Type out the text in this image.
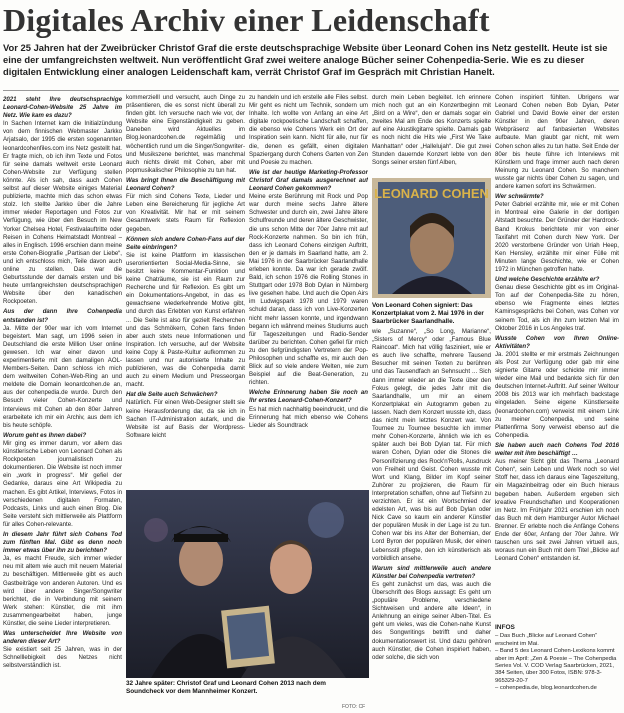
Digitales Archiv einer Leidenschaft
Vor 25 Jahren hat der Zweibrücker Christof Graf die erste deutschsprachige Website über Leonard Cohen ins Netz gestellt. Heute ist sie eine der umfangreichsten weltweit. Nun veröffentlicht Graf zwei weitere analoge Bücher seiner Cohenpedia-Serie. Wie es zu dieser digitalen Entwicklung einer analogen Leidenschaft kam, verrät Christof Graf im Gespräch mit Christian Hanelt.

2021 steht Ihre deutschsprachige Leonard-Cohen-Website 25 Jahre im Netz. Wie kam es dazu?

In Sachen Internet kam die Initialzündung von dem finnischen Webmaster Jarkko Arjatsalo, der 1995 die ersten sogenannten leonardcohenfiles.com ins Netz gestellt hat. Er fragte mich, ob ich ihm Texte und Fotos für seine damals weltweit erste Leonard Cohen-Website zur Verfügung stellen könnte. Als ich sah, dass auch Cohen selbst auf dieser Website einiges Material publizierte, machte mich das schon etwas stolz. Ich stellte Jarkko über die Jahre immer wieder Reportagen und Fotos zur Verfügung, wie über den Besuch im New Yorker Chelsea Hotel, Festivalauftritte oder Reisen in Cohens Heimatstadt Montreal – alles in Englisch. 1996 erschien dann meine erste Cohen-Biografie „Partisan der Liebe“, und ich entschloss mich, Teile davon auch online zu stellen. Das war die Geburtsstunde der damals ersten und bis heute umfangreichsten deutschsprachigen Website über den kanadischen Rockpoeten.

Aus der dann Ihre Cohenpedia entstanden ist?

Ja. Mitte der 90er war ich vom Internet begeistert. Man sagt, um 1996 seien in Deutschland die erste Million User online gewesen. Ich war einer davon und experimentierte mit den damaligen AOL-Members-Seiten. Dann schloss ich mich dem weltweiten Cohen-Web-Ring an und meldete die Domain leonardcohen.de an, aus der cohenpedia.de wurde. Durch den Besuch vieler Cohen-Konzerte und Interviews mit Cohen ab den 80er Jahren erarbeitete ich mir ein Archiv, aus dem ich bis heute schöpfe.

Worum geht es Ihnen dabei?

Mir ging es immer darum, vor allem das künstlerische Leben von Leonard Cohen als Rockpoeten journalistisch zu dokumentieren. Die Website ist noch immer ein „work in progress“. Mir gefiel der Gedanke, daraus eine Art Wikipedia zu machen. Es gibt Artikel, Interviews, Fotos in verschiedenen digitalen Formaten, Podcasts, Links und auch einen Blog. Die Seite versteht sich mittlerweile als Plattform für alles Cohen-relevante.

In diesem Jahr führt sich Cohens Tod zum fünften Mal. Gibt es denn noch immer etwas über ihn zu berichten?

Ja, es macht Freude, sich immer wieder neu mit altem wie auch mit neuem Material zu beschäftigen. Mittlerweile gibt es auch Gastbeiträge von anderen Autoren. Und es wird über andere Singer/Songwriter berichtet, die in Verbindung mit seinem Werk stehen: Künstler, die mit ihm zusammengearbeitet haben, junge Künstler, die seine Lieder interpretieren.

Was unterscheidet Ihre Website von anderen dieser Art?

Sie existiert seit 25 Jahren, was in der Schnelllebigkeit des Netzes nicht selbstverständlich ist.

kommerzielll und versucht, auch Dinge zu präsentieren, die es sonst nicht überall zu finden gibt. Ich versuche nach wie vor, der Website eine Eigenständigkeit zu geben. Daneben wird Aktuelles im Blog.leonardcohen.de regelmäßig und wöchentlich rund um die Singer/Songwriter- und Musikszene berichtet, was manchmal auch nichts direkt mit Cohen, aber mit popmusikalischer Philosophie zu tun hat.

Was bringt Ihnen die Beschäftigung mit Leonard Cohen?

Für mich sind Cohens Texte, Lieder und Leben eine Bereicherung für jegliche Art von Kreativität. Mir hat er mit seinem Gesamtwerk stets Raum für Reflexion gegeben.

Können sich andere Cohen-Fans auf der Seite einbringen?

Sie ist keine Plattform im klassischen userorientierten Social-Media-Sinne, sie besitzt keine Kommentar-Funktion und keine Chaträume, sie ist ein Raum zur Recherche und für Reflexion. Es gibt um ein Dokumentations-Angebot, in das es gewachsene wiederkehrende Motive gibt, und durch das Erlebten von Kunst erfahren ... Die Seite ist also für gezielt Recherchen und das Schmökern, Cohen fans finden aber auch stets neue Informationen und Inspiration. Ich versuche, auf der Website keine Copy & Paste-Kultur aufkommen zu lassen und nur autorisierte Inhalte zu publizieren, was die Cohenpedia damit auch zu einem Medium und Presseorgan macht.

Hat die Seite auch Schwächen?

Natürlich. Für einen Web-Designer stellt sie keine Herausforderung dar, da sie ich in Sachen IT-Administration autark, und die Website ist auf Basis der Wordpress-Software leicht

zu handeln und ich erstelle alle Files selbst. Mir geht es nicht um Technik, sondern um Inhalte. Ich wollte von Anfang an eine Art digitale rockpoetische Landschaft schaffen, die ebenso wie Cohens Werk ein Ort der Inspiration sein kann. Nicht für alle, nur für die, denen es gefällt, einen digitalen Spaziergang durch Cohens Garten von Zen und Poesie zu machen.

Wie ist der heutige Marketing-Professor Christof Graf damals ausgerechnet auf Leonard Cohen gekommen?

Meine erste Berührung mit Rock und Pop war durch meine sechs Jahre ältere Schwester und durch ein, zwei Jahre ältere Schulfreunde und deren ältere Geschwister, die uns schon Mitte der 70er Jahre mit auf Rock-Konzerte nahmen. So bin ich früh, dass ich Leonard Cohens einzigen Auftritt, den er je damals im Saarland hatte, am 2. Mai 1976 in der Saarbrücker Saarlandhalle erleben konnte. Da war ich gerade zwölf. Bald, ich schon 1976 die Rolling Stones in Stuttgart oder 1978 Bob Dylan in Nürnberg live gesehen habe. Und auch die Open Airs im Ludwigspark 1978 und 1979 waren schuld daran, dass ich von Live-Konzerten nicht mehr lassen konnte, und irgendwann begann ich während meines Studiums auch für Tageszeitungen und Radio-Sender darüber zu berichten. Cohen gefiel für mich zu den tiefgründigsten Vertretern der Pop-Philosophen und schaffte es, mir auch den Blick auf so viele andere Welten, wie zum Beispiel auf die Beat-Generation, zu richten.

Welche Erinnerung haben Sie noch an Ihr erstes Leonard-Cohen-Konzert?

Es hat mich nachhaltig beeindruckt, und die Erinnerung hat mich ebenso wie Cohens Lieder als Soundtrack

durch mein Leben begleitet. Ich erinnere mich noch gut an ein Konzertbeginn mit „Bird on a Wire“, den er damals sogar ein zweites Mal am Ende des Konzerts spielte auf eine Akustikgitarre spielte. Damals gab es noch nicht die Hits wie „First We Take Manhattan“ oder „Hallelujah“. Die gut zwei Stunden dauernde Konzert lebte von den Songs seiner ersten fünf Alben,

LEONARD COHEN
Von Leonard Cohen signiert: Das Konzertplakat vom 2. Mai 1976 in der Saarbrücker Saarlandhalle.

wie „Suzanne“, „So Long, Marianne“, „Sisters of Mercy“ oder „Famous Blue Raincoat“. Mich hat völlig fasziniert, wie er es auch live schaffte, mehrere Tausend Besucher mit seinen Texten zu berühren und das Tausendfach an Sehnsucht ... Sich dann immer wieder an die Texte über den Fokus gelegt, die jedes Jahr mit die Saarlandhalle, um mir an einem Konzertplakat ein Autogramm geben zu lassen. Nach dem Konzert wusste ich, dass das nicht mein letztes Konzert war. Von Tournee zu Tournee besuchte ich immer mehr Cohen-Konzerte, ähnlich wie ich es später auch bei Bob Dylan tat. Für mich waren Cohen, Dylan oder die Stones die Personifizierung des Rock'n'Rolls, Ausdruck von Freiheit und Geist. Cohen wusste mit Wort und Klang, Bilder im Kopf seiner Zuhörer zu projizieren, die Raum für Interpretation schaffen, ohne auf Tiefsinn zu verzichten. Er ist ein Wortschmied der edelsten Art, was bis auf Bob Dylan oder Nick Cave so kaum ein anderer Künstler der populären Musik in der Lage ist zu tun. Cohen war bis ins Alter der Bohemian, der Lord Byron der populären Musik, der einen Lebensstil pflegte, den ich künstlerisch als vorbildlich ansehe.

Warum sind mittlerweile auch andere Künstler bei Cohenpedia vertreten?

Es geht zunächst um das, was auch die Überschrift des Blogs aussagt: Es geht um „populäre Probleme, verschiedene Sichtweisen und andere alte Ideen“, in Anlehnung an einige seiner Alben-Titel. Es geht um vieles, was die Cohen-nahe Kunst des Songwritings betrifft und daher dokumentationswert ist. Und dazu gehören auch Künstler, die Cohen inspiriert haben, oder solche, die sich von

Cohen inspiriert fühlten. Übrigens war Leonard Cohen neben Bob Dylan, Peter Gabriel und David Bowie einer der ersten Künstler in den 90er Jahren, deren Webpräsenz auf fanbasierten Websites aufbaute. Man glaubt gar nicht, mit wem Cohen schon alles zu tun hatte. Seit Ende der 80er bis heute führe ich Interviews mit Künstlern und frage immer auch nach deren Meinung zu Leonard Cohen. So manchem wusste gar nichts über Cohen zu sagen, und andere kamen sofort ins Schwärmen.

Wer schwärmte?

Peter Gabriel erzählte mir, wie er mit Cohen in Montreal eine Galerie in der dortigen Altstadt besuchte. Der Gründer der Hardrock-Band Krokus berichtete mir von einer Taxifahrt mit Cohen durch New York. Der 2020 verstorbene Gründer von Uriah Heep, Ken Hensley, erzählte mir einer Fülle mit Minuten lange Geschichte, wie er Cohen 1972 in München getroffen hatte.

Und welche Geschichte erzählte er?

Genau diese Geschichte gibt es im Original-Ton auf der Cohenpedia-Site zu hören, ebenso wie Fragmente eines letztes Kaminsgesprächs bei Cohen, was Cohen vor seinem Tod, als ich ihn zum letzten Mal im Oktober 2016 in Los Angeles traf.

Wusste Cohen von Ihren Online-Aktivitäten?

Ja. 2001 stellte er mir erstmals Zeichnungen als Post zur Verfügung oder gab mir eine signierte Gitarre oder schickte mir immer wieder eine Mail und bedankte sich für den deutschen Internet-Auftritt. Auf seiner Weltour 2008 bis 2013 war ich mehrfach backstage eingeladen. Seine eigene Künstlerseite (leonardcohen.com) verweist mit einem Link zu meiner Cohenpedia, und seine Plattenfirma Sony verweist ebenso auf die Cohenpedia.

Sie haben auch nach Cohens Tod 2016 weiter mit ihm beschäftigt …

Aus meiner Sicht gibt das Thema „Leonard Cohen“, sein Leben und Werk noch so viel Stoff her, dass ich daraus eine Tageszeitung, ein Magazinbeitrag oder ein Buch hieraus begeben haben. Außerdem ergeben sich kreative Freundschaften und Kooperationen im Netz. Im Frühjahr 2021 erschien ich noch das Buch mit dem Hamburger Autor Michael Brenner. Er erlebte noch die Anfänge Cohens Ende der 60er, Anfang der 70er Jahre. Wir tauschen uns seit zwei Jahren virtuell aus, woraus nun ein Buch mit dem Titel „Blicke auf Leonard Cohen“ entstanden ist.

32 Jahre später: Christof Graf und Leonard Cohen 2013 nach dem Soundcheck vor dem Mannheimer Konzert.
FOTO: CF
INFOS
– Das Buch „Blicke auf Leonard Cohen“ erscheint im Mai.
– Band 5 des Leonard Cohen-Lexikons kommt aber im April: „Zen & Poesie – The Cohenpedia Series Vol. V. COD Verlag Saarbrücken, 2021, 384 Seiten, über 300 Fotos, ISBN: 978-3-965329-20-7
– cohenpedia.de, blog.leonardcohen.de
